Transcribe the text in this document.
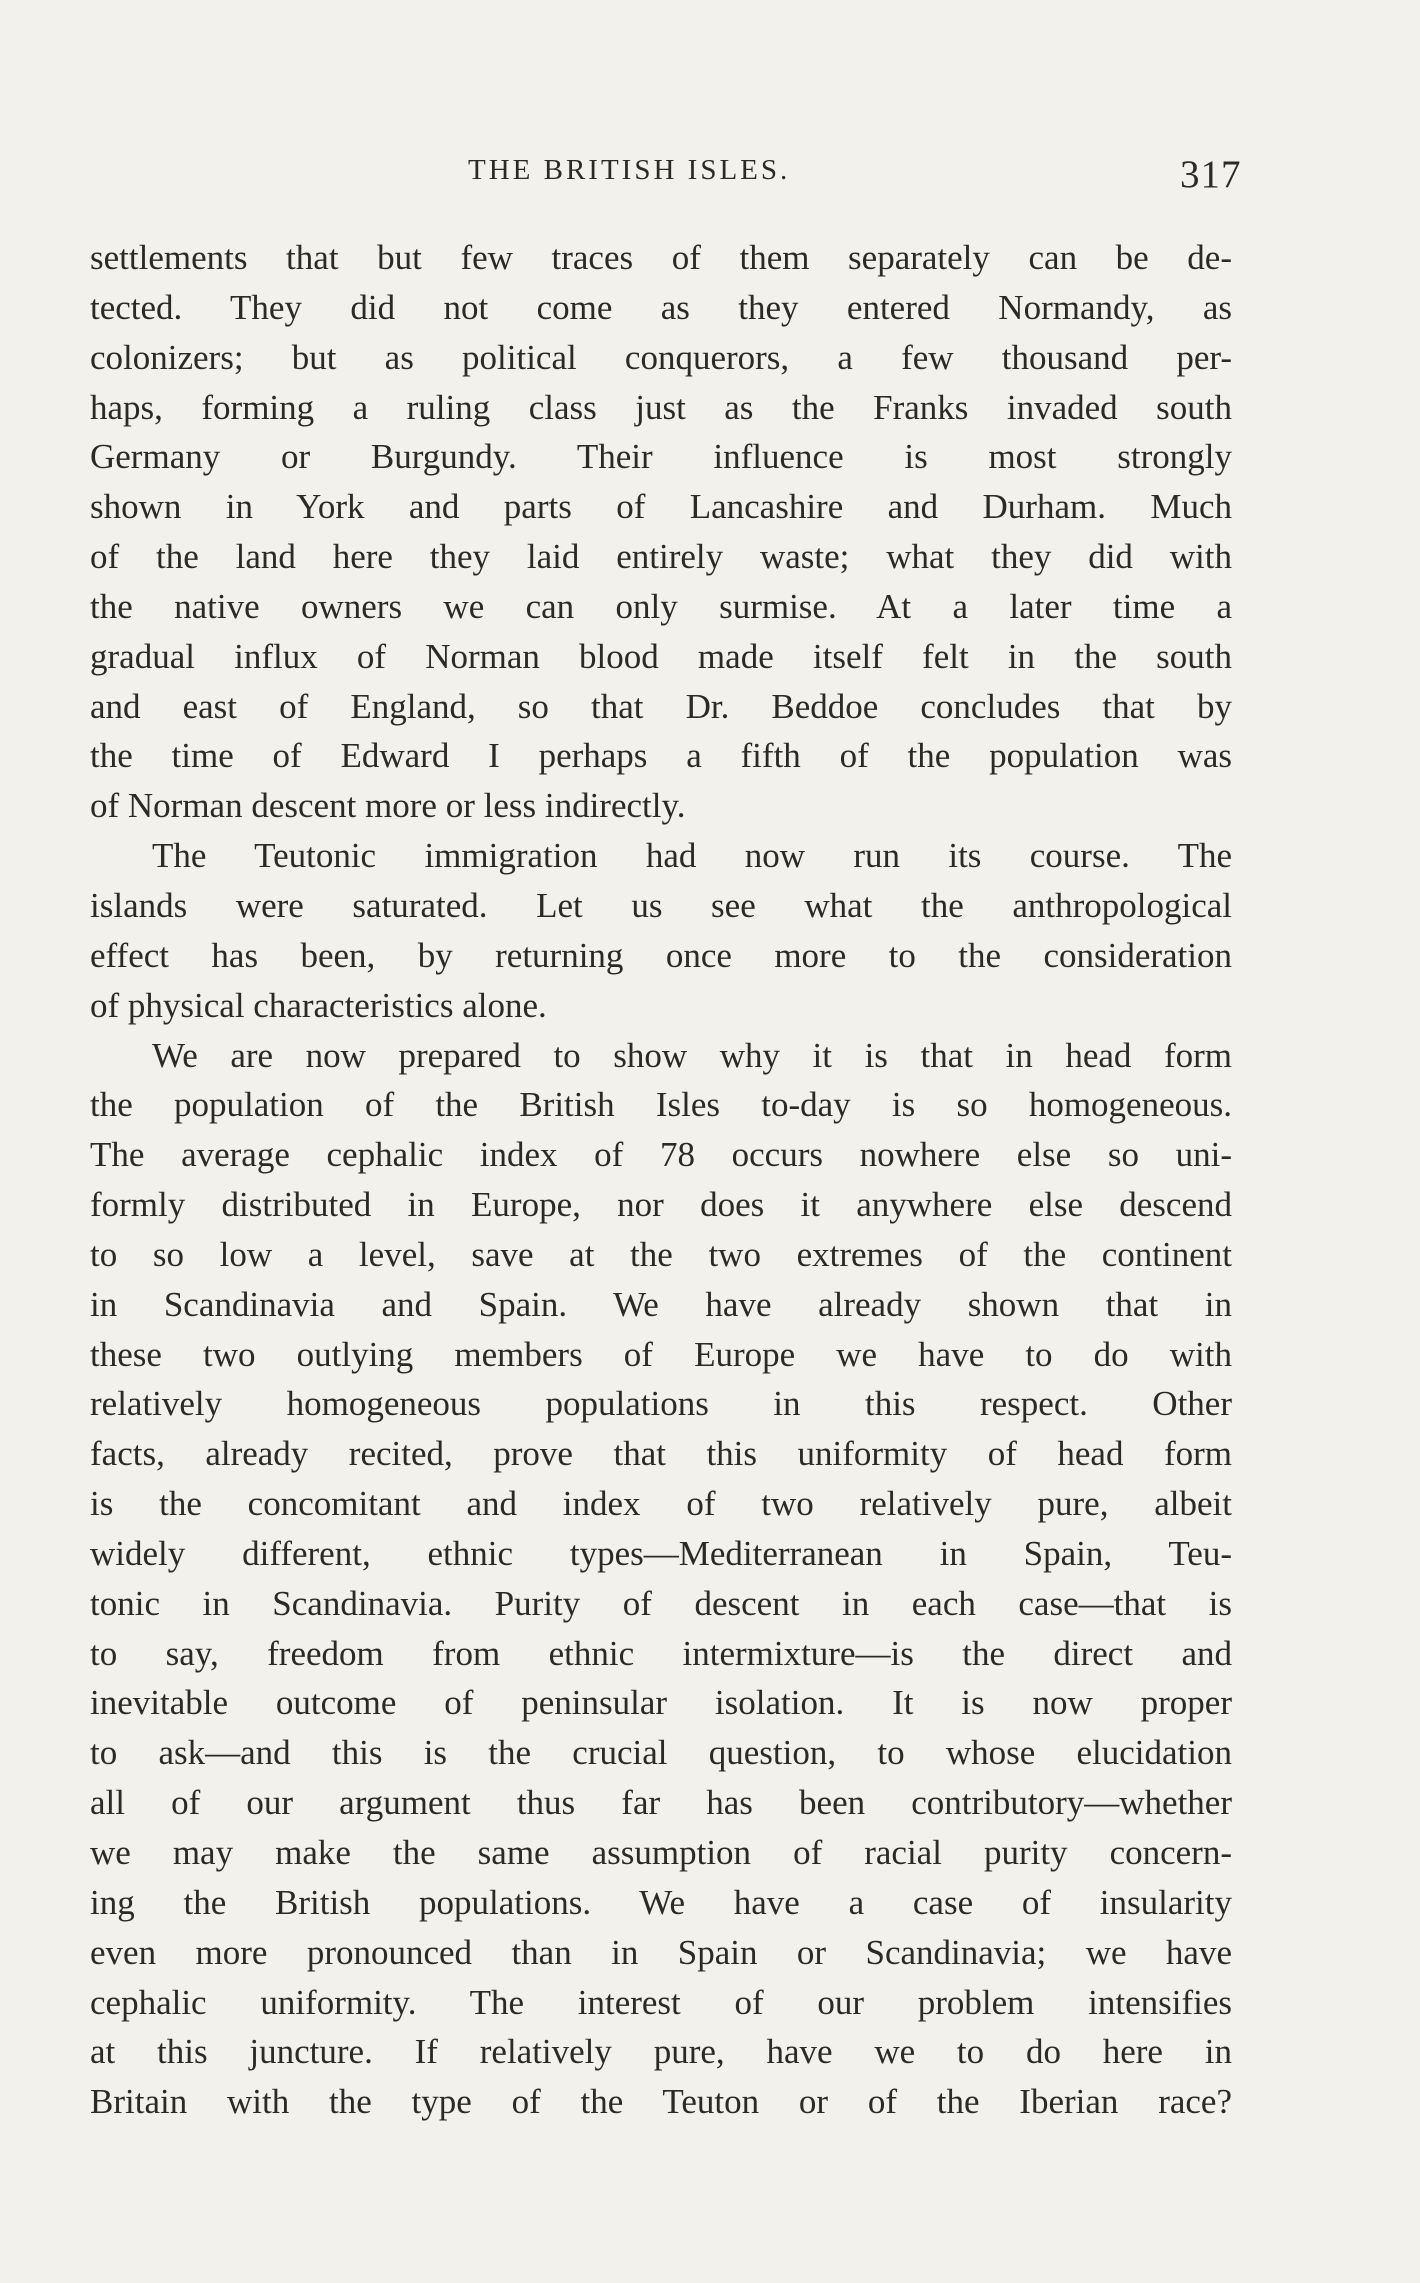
THE BRITISH ISLES.	317
settlements that but few traces of them separately can be de-
tected. They did not come as they entered Normandy, as
colonizers; but as political conquerors, a few thousand per-
haps, forming a ruling class just as the Franks invaded south
Germany or Burgundy. Their influence is most strongly
shown in York and parts of Lancashire and Durham. Much
of the land here they laid entirely waste; what they did with
the native owners we can only surmise. At a later time a
gradual influx of Norman blood made itself felt in the south
and east of England, so that Dr. Beddoe concludes that by
the time of Edward I perhaps a fifth of the population was
of Norman descent more or less indirectly.
The Teutonic immigration had now run its course. The
islands were saturated. Let us see what the anthropological
effect has been, by returning once more to the consideration
of physical characteristics alone.
We are now prepared to show why it is that in head form
the population of the British Isles to-day is so homogeneous.
The average cephalic index of 78 occurs nowhere else so uni-
formly distributed in Europe, nor does it anywhere else descend
to so low a level, save at the two extremes of the continent
in Scandinavia and Spain. We have already shown that in
these two outlying members of Europe we have to do with
relatively homogeneous populations in this respect. Other
facts, already recited, prove that this uniformity of head form
is the concomitant and index of two relatively pure, albeit
widely different, ethnic types—Mediterranean in Spain, Teu-
tonic in Scandinavia. Purity of descent in each case—that is
to say, freedom from ethnic intermixture—is the direct and
inevitable outcome of peninsular isolation. It is now proper
to ask—and this is the crucial question, to whose elucidation
all of our argument thus far has been contributory—whether
we may make the same assumption of racial purity concern-
ing the British populations. We have a case of insularity
even more pronounced than in Spain or Scandinavia; we have
cephalic uniformity. The interest of our problem intensifies
at this juncture. If relatively pure, have we to do here in
Britain with the type of the Teuton or of the Iberian race?
